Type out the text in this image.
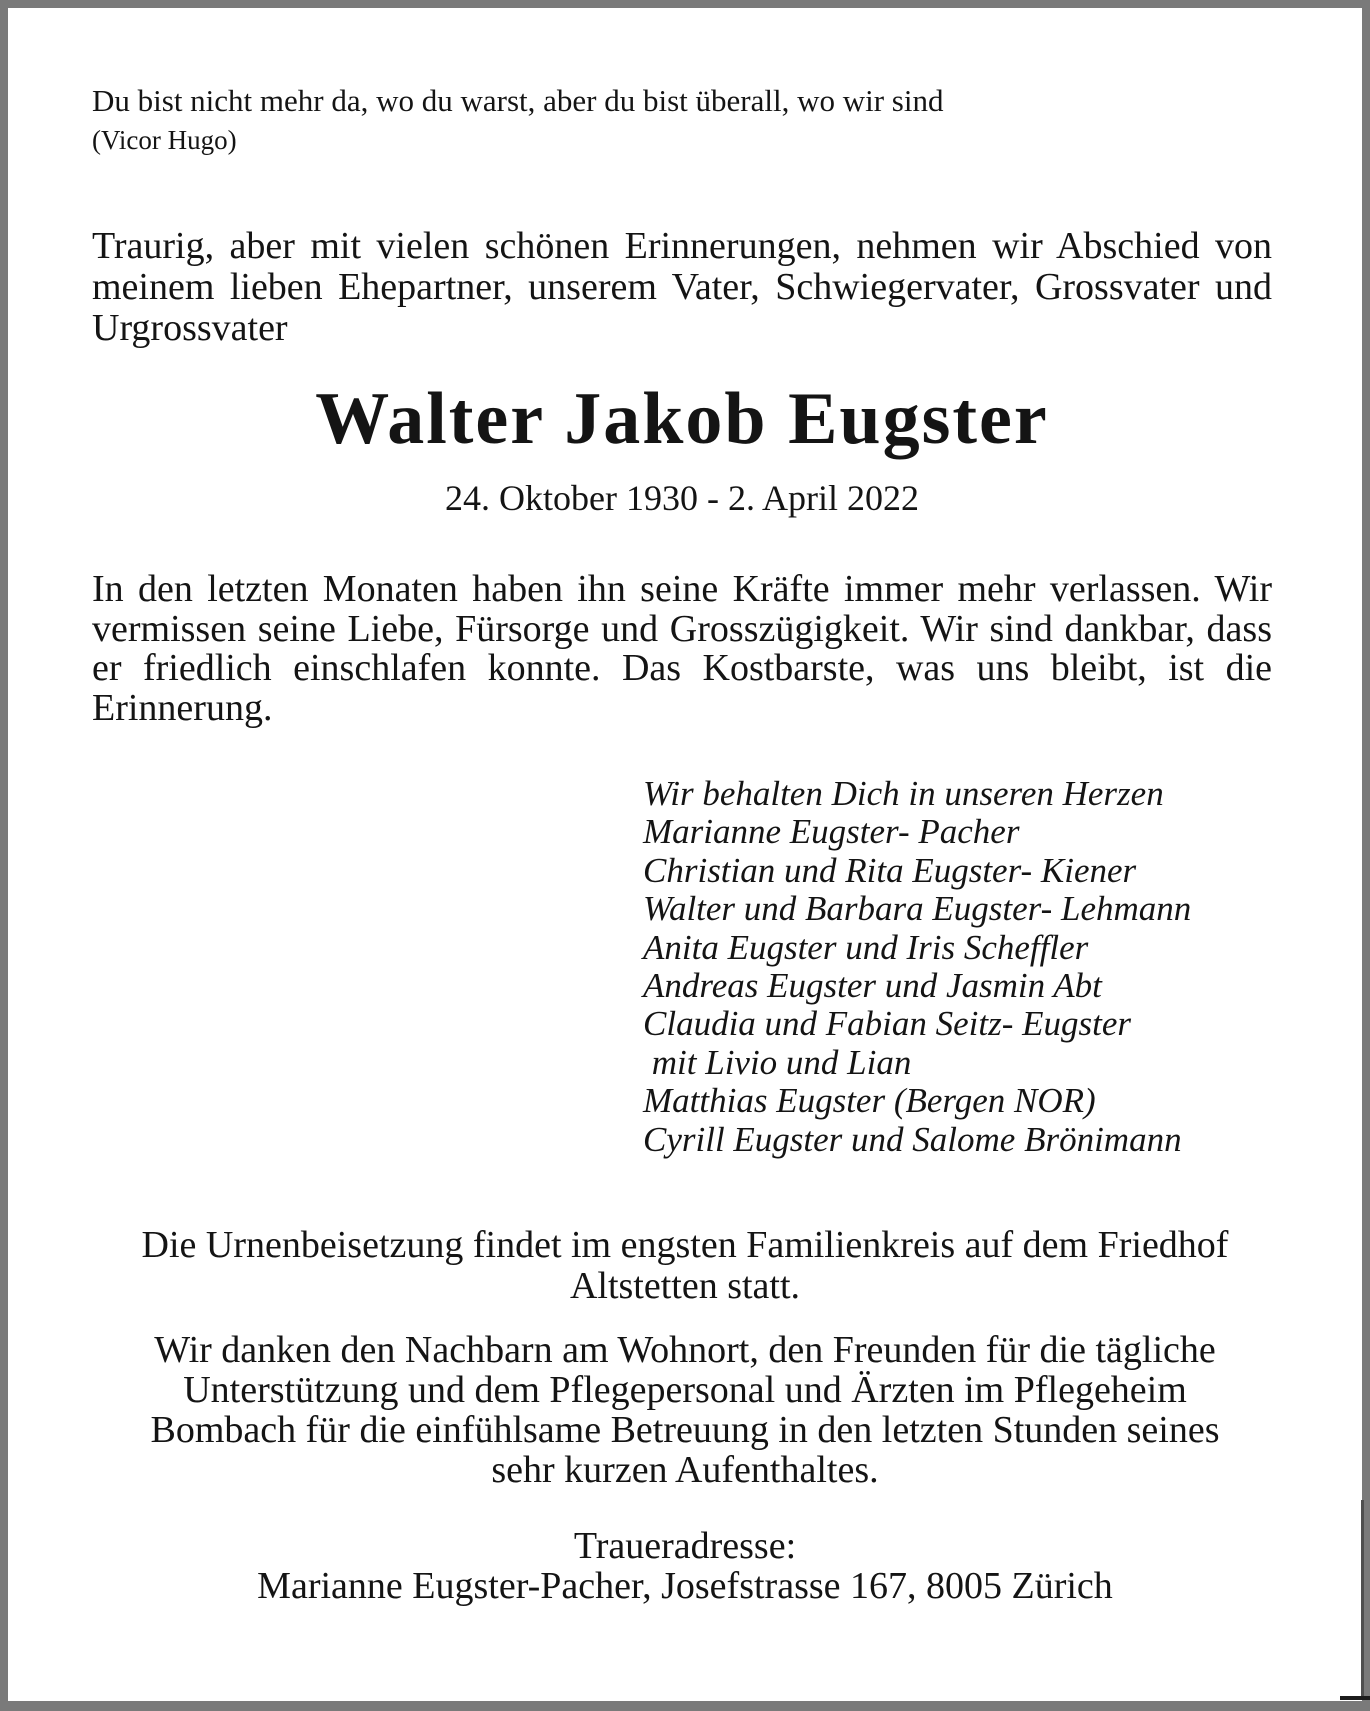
Du bist nicht mehr da, wo du warst, aber du bist überall, wo wir sind
(Vicor Hugo)
Traurig, aber mit vielen schönen Erinnerungen, nehmen wir Abschied von meinem lieben Ehepartner, unserem Vater, Schwiegervater, Grossvater und Urgrossvater
Walter Jakob Eugster
24. Oktober 1930 - 2. April 2022
In den letzten Monaten haben ihn seine Kräfte immer mehr verlassen. Wir vermissen seine Liebe, Fürsorge und Grosszügigkeit. Wir sind dankbar, dass er friedlich einschlafen konnte. Das Kostbarste, was uns bleibt, ist die Erinnerung.
Wir behalten Dich in unseren Herzen
Marianne Eugster- Pacher
Christian und Rita Eugster- Kiener
Walter und Barbara Eugster- Lehmann
Anita Eugster und Iris Scheffler
Andreas Eugster und Jasmin Abt
Claudia und Fabian Seitz- Eugster
mit Livio und Lian
Matthias Eugster (Bergen NOR)
Cyrill Eugster und Salome Brönimann
Die Urnenbeisetzung findet im engsten Familienkreis auf dem Friedhof Altstetten statt.
Wir danken den Nachbarn am Wohnort, den Freunden für die tägliche Unterstützung und dem Pflegepersonal und Ärzten im Pflegeheim Bombach für die einfühlsame Betreuung in den letzten Stunden seines sehr kurzen Aufenthaltes.
Traueradresse:
Marianne Eugster-Pacher, Josefstrasse 167, 8005 Zürich
